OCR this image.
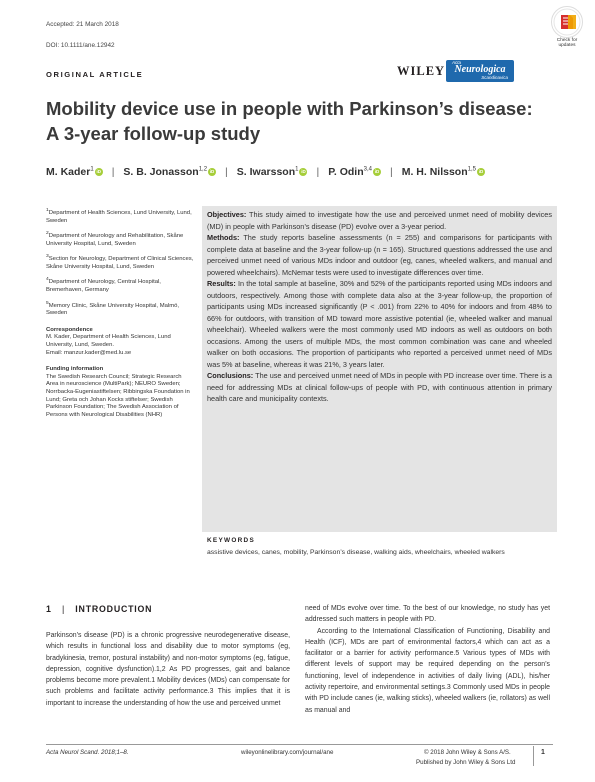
Accepted: 21 March 2018
DOI: 10.1111/ane.12942
Check for
updates
ORIGINAL ARTICLE	WILEY
Acta
Neurologica
Scandinavica
Mobility device use in people with Parkinson’s disease:
A 3-year follow-up study
M. Kader$^1$ iD | S. B. Jonasson$^{1,2}$ iD | S. Iwarsson$^1$ iD | P. Odin$^{3,4}$ iD | M. H. Nilsson$^{1,5}$ iD

$^1$Department of Health Sciences, Lund University, Lund, Sweden

$^2$Department of Neurology and Rehabilitation, Skåne University Hospital, Lund, Sweden

$^3$Section for Neurology, Department of Clinical Sciences, Skåne University Hospital, Lund, Sweden

$^4$Department of Neurology, Central Hospital, Bremerhaven, Germany

$^5$Memory Clinic, Skåne University Hospital, Malmö, Sweden

Correspondence

M. Kader, Department of Health Sciences, Lund University, Lund, Sweden.

Email: manzur.kader@med.lu.se

Funding information

The Swedish Research Council; Strategic Research Area in neuroscience (MultiPark); NEURO Sweden; Norrbacka-Eugeniastiftelsen; Ribbingska Foundation in Lund; Greta och Johan Kocks stiftelser; Swedish Parkinson Foundation; The Swedish Association of Persons with Neurological Disabilities (NHR)

Objectives: This study aimed to investigate how the use and perceived unmet need of mobility devices (MD) in people with Parkinson’s disease (PD) evolve over a 3-year period.

Methods: The study reports baseline assessments (n = 255) and comparisons for participants with complete data at baseline and the 3-year follow-up (n = 165). Structured questions addressed the use and perceived unmet need of various MDs indoor and outdoor (eg, canes, wheeled walkers, and manual and powered wheelchairs). McNemar tests were used to investigate differences over time.

Results: In the total sample at baseline, 30% and 52% of the participants reported using MDs indoors and outdoors, respectively. Among those with complete data also at the 3-year follow-up, the proportion of participants using MDs increased significantly (P < .001) from 22% to 40% for indoors and from 48% to 66% for outdoors, with transition of MD toward more assistive potential (ie, wheeled walker and manual wheelchair). Wheeled walkers were the most commonly used MD indoors as well as outdoors on both occasions. Among the users of multiple MDs, the most common combination was cane and wheeled walker on both occasions. The proportion of participants who reported a perceived unmet need of MDs was 5% at baseline, whereas it was 21%, 3 years later.

Conclusions: The use and perceived unmet need of MDs in people with PD increase over time. There is a need for addressing MDs at clinical follow-ups of people with PD, with continuous attention in primary health care and municipality contexts.

KEYWORDS
assistive devices, canes, mobility, Parkinson’s disease, walking aids, wheelchairs, wheeled walkers
1 | INTRODUCTION

Parkinson’s disease (PD) is a chronic progressive neurodegenerative disease, which results in functional loss and disability due to motor symptoms (eg, bradykinesia, tremor, postural instability) and non-motor symptoms (eg, fatigue, depression, cognitive dysfunction).1,2 As PD progresses, gait and balance problems become more prevalent.1 Mobility devices (MDs) can compensate for such problems and facilitate activity performance.3 This implies that it is important to increase the understanding of how the use and perceived unmet

need of MDs evolve over time. To the best of our knowledge, no study has yet addressed such matters in people with PD.

According to the International Classification of Functioning, Disability and Health (ICF), MDs are part of environmental factors,4 which can act as a facilitator or a barrier for activity performance.5 Various types of MDs with different levels of support may be required depending on the person’s functioning, level of independence in activities of daily living (ADL), his/her activity repertoire, and environmental settings.3 Commonly used MDs in people with PD include canes (ie, walking sticks), wheeled walkers (ie, rollators) as well as manual and

Acta Neurol Scand. 2018;1–8.	wileyonlinelibrary.com/journal/ane	© 2018 John Wiley & Sons A/S.
Published by John Wiley & Sons Ltd
1
